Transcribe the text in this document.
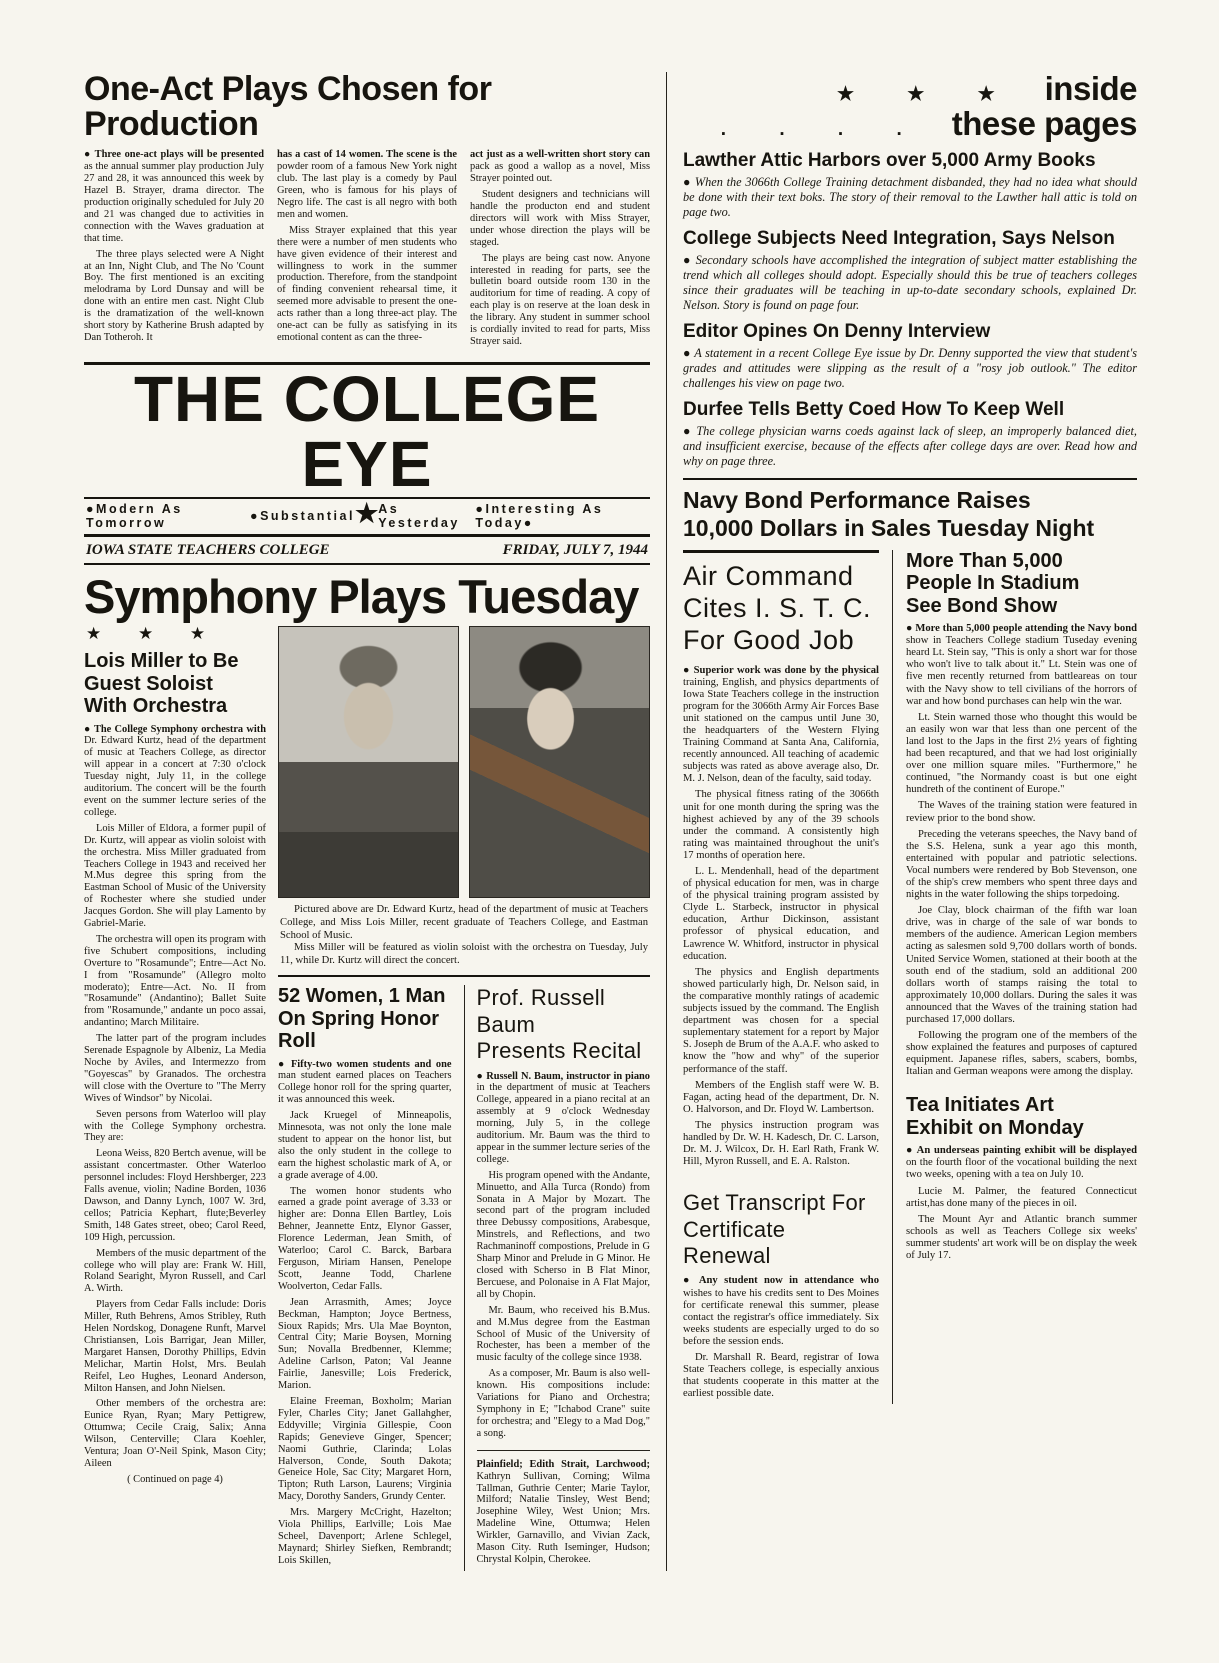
One-Act Plays Chosen for Production

● Three one-act plays will be presented as the annual summer play production July 27 and 28, it was announced this week by Hazel B. Strayer, drama director. The production originally scheduled for July 20 and 21 was changed due to activities in connection with the Waves graduation at that time.

The three plays selected were A Night at an Inn, Night Club, and The No 'Count Boy. The first mentioned is an exciting melodrama by Lord Dunsay and will be done with an entire men cast. Night Club is the dramatization of the well-known short story by Katherine Brush adapted by Dan Totheroh. It

has a cast of 14 women. The scene is the powder room of a famous New York night club. The last play is a comedy by Paul Green, who is famous for his plays of Negro life. The cast is all negro with both men and women.

Miss Strayer explained that this year there were a number of men students who have given evidence of their interest and willingness to work in the summer production. Therefore, from the standpoint of finding convenient rehearsal time, it seemed more advisable to present the one-acts rather than a long three-act play. The one-act can be fully as satisfying in its emotional content as can the three-

act just as a well-written short story can pack as good a wallop as a novel, Miss Strayer pointed out.

Student designers and technicians will handle the producton end and student directors will work with Miss Strayer, under whose direction the plays will be staged.

The plays are being cast now. Anyone interested in reading for parts, see the bulletin board outside room 130 in the auditorium for time of reading. A copy of each play is on reserve at the loan desk in the library. Any student in summer school is cordially invited to read for parts, Miss Strayer said.

THE COLLEGE EYE
●Modern As Tomorrow	●Substantial ★ As Yesterday
●Interesting As Today●
IOWA STATE TEACHERS COLLEGE	FRIDAY, JULY 7, 1944
Symphony Plays Tuesday
★ ★ ★
Lois Miller to Be
Guest Soloist
With Orchestra

● The College Symphony orchestra with Dr. Edward Kurtz, head of the department of music at Teachers College, as director will appear in a concert at 7:30 o'clock Tuesday night, July 11, in the college auditorium. The concert will be the fourth event on the summer lecture series of the college.

Lois Miller of Eldora, a former pupil of Dr. Kurtz, will appear as violin soloist with the orchestra. Miss Miller graduated from Teachers College in 1943 and received her M.Mus degree this spring from the Eastman School of Music of the University of Rochester where she studied under Jacques Gordon. She will play Lamento by Gabriel-Marie.

The orchestra will open its program with five Schubert compositions, including Overture to "Rosamunde"; Entre—Act No. I from "Rosamunde" (Allegro molto moderato); Entre—Act. No. II from "Rosamunde" (Andantino); Ballet Suite from "Rosamunde," andante un poco assai, andantino; March Militaire.

The latter part of the program includes Serenade Espagnole by Albeniz, La Media Noche by Aviles, and Intermezzo from "Goyescas" by Granados. The orchestra will close with the Overture to "The Merry Wives of Windsor" by Nicolai.

Seven persons from Waterloo will play with the College Symphony orchestra. They are:

Leona Weiss, 820 Bertch avenue, will be assistant concertmaster. Other Waterloo personnel includes: Floyd Hershberger, 223 Falls avenue, violin; Nadine Borden, 1036 Dawson, and Danny Lynch, 1007 W. 3rd, cellos; Patricia Kephart, flute;Beverley Smith, 148 Gates street, obeo; Carol Reed, 109 High, percussion.

Members of the music department of the college who will play are: Frank W. Hill, Roland Searight, Myron Russell, and Carl A. Wirth.

Players from Cedar Falls include: Doris Miller, Ruth Behrens, Amos Stribley, Ruth Helen Nordskog, Donagene Runft, Marvel Christiansen, Lois Barrigar, Jean Miller, Margaret Hansen, Dorothy Phillips, Edvin Melichar, Martin Holst, Mrs. Beulah Reifel, Leo Hughes, Leonard Anderson, Milton Hansen, and John Nielsen.

Other members of the orchestra are: Eunice Ryan, Ryan; Mary Pettigrew, Ottumwa; Cecile Craig, Salix; Anna Wilson, Centerville; Clara Koehler, Ventura; Joan O'-Neil Spink, Mason City; Aileen

( Continued on page 4)

Pictured above are Dr. Edward Kurtz, head of the department of music at Teachers College, and Miss Lois Miller, recent graduate of Teachers College, and Eastman School of Music.

Miss Miller will be featured as violin soloist with the orchestra on Tuesday, July 11, while Dr. Kurtz will direct the concert.

52 Women, 1 Man
On Spring Honor Roll

● Fifty-two women students and one man student earned places on Teachers College honor roll for the spring quarter, it was announced this week.

Jack Kruegel of Minneapolis, Minnesota, was not only the lone male student to appear on the honor list, but also the only student in the college to earn the highest scholastic mark of A, or a grade average of 4.00.

The women honor students who earned a grade point average of 3.33 or higher are: Donna Ellen Bartley, Lois Behner, Jeannette Entz, Elynor Gasser, Florence Lederman, Jean Smith, of Waterloo; Carol C. Barck, Barbara Ferguson, Miriam Hansen, Penelope Scott, Jeanne Todd, Charlene Woolverton, Cedar Falls.

Jean Arrasmith, Ames; Joyce Beckman, Hampton; Joyce Bertness, Sioux Rapids; Mrs. Ula Mae Boynton, Central City; Marie Boysen, Morning Sun; Novalla Bredbenner, Klemme; Adeline Carlson, Paton; Val Jeanne Fairlie, Janesville; Lois Frederick, Marion.

Elaine Freeman, Boxholm; Marian Fyler, Charles City; Janet Gallahgher, Eddyville; Virginia Gillespie, Coon Rapids; Genevieve Ginger, Spencer; Naomi Guthrie, Clarinda; Lolas Halverson, Conde, South Dakota; Geneice Hole, Sac City; Margaret Horn, Tipton; Ruth Larson, Laurens; Virginia Macy, Dorothy Sanders, Grundy Center.

Mrs. Margery McCright, Hazelton; Viola Phillips, Earlville; Lois Mae Scheel, Davenport; Arlene Schlegel, Maynard; Shirley Siefken, Rembrandt; Lois Skillen,

Prof. Russell Baum
Presents Recital

● Russell N. Baum, instructor in piano in the department of music at Teachers College, appeared in a piano recital at an assembly at 9 o'clock Wednesday morning, July 5, in the college auditorium. Mr. Baum was the third to appear in the summer lecture series of the college.

His program opened with the Andante, Minuetto, and Alla Turca (Rondo) from Sonata in A Major by Mozart. The second part of the program included three Debussy compositions, Arabesque, Minstrels, and Reflections, and two Rachmaninoff compostions, Prelude in G Sharp Minor and Prelude in G Minor. He closed with Scherso in B Flat Minor, Bercuese, and Polonaise in A Flat Major, all by Chopin.

Mr. Baum, who received his B.Mus. and M.Mus degree from the Eastman School of Music of the University of Rochester, has been a member of the music faculty of the college since 1938.

As a composer, Mr. Baum is also well-known. His compositions include: Variations for Piano and Orchestra; Symphony in E; "Ichabod Crane" suite for orchestra; and "Elegy to a Mad Dog," a song.

Plainfield; Edith Strait, Larchwood; Kathryn Sullivan, Corning; Wilma Tallman, Guthrie Center; Marie Taylor, Milford; Natalie Tinsley, West Bend; Josephine Wiley, West Union; Mrs. Madeline Wine, Ottumwa; Helen Wirkler, Garnavillo, and Vivian Zack, Mason City. Ruth Iseminger, Hudson; Chrystal Kolpin, Cherokee.

★ ★ ★ inside
. . . . these pages
Lawther Attic Harbors over 5,000 Army Books

● When the 3066th College Training detachment disbanded, they had no idea what should be done with their text boks. The story of their removal to the Lawther hall attic is told on page two.

College Subjects Need Integration, Says Nelson

● Secondary schools have accomplished the integration of subject matter establishing the trend which all colleges should adopt. Especially should this be true of teachers colleges since their graduates will be teaching in up-to-date secondary schools, explained Dr. Nelson. Story is found on page four.

Editor Opines On Denny Interview

● A statement in a recent College Eye issue by Dr. Denny supported the view that student's grades and attitudes were slipping as the result of a "rosy job outlook." The editor challenges his view on page two.

Durfee Tells Betty Coed How To Keep Well

● The college physician warns coeds against lack of sleep, an improperly balanced diet, and insufficient exercise, because of the effects after college days are over. Read how and why on page three.

Navy Bond Performance Raises
10,000 Dollars in Sales Tuesday Night
Air Command
Cites I. S. T. C.
For Good Job

● Superior work was done by the physical training, English, and physics departments of Iowa State Teachers college in the instruction program for the 3066th Army Air Forces Base unit stationed on the campus until June 30, the headquarters of the Western Flying Training Command at Santa Ana, California, recently announced. All teaching of academic subjects was rated as above average also, Dr. M. J. Nelson, dean of the faculty, said today.

The physical fitness rating of the 3066th unit for one month during the spring was the highest achieved by any of the 39 schools under the command. A consistently high rating was maintained throughout the unit's 17 months of operation here.

L. L. Mendenhall, head of the department of physical education for men, was in charge of the physical training program assisted by Clyde L. Starbeck, instructor in physical education, Arthur Dickinson, assistant professor of physical education, and Lawrence W. Whitford, instructor in physical education.

The physics and English departments showed particularly high, Dr. Nelson said, in the comparative monthly ratings of academic subjects issued by the command. The English department was chosen for a special suplementary statement for a report by Major S. Joseph de Brum of the A.A.F. who asked to know the "how and why" of the superior performance of the staff.

Members of the English staff were W. B. Fagan, acting head of the department, Dr. N. O. Halvorson, and Dr. Floyd W. Lambertson.

The physics instruction program was handled by Dr. W. H. Kadesch, Dr. C. Larson, Dr. M. J. Wilcox, Dr. H. Earl Rath, Frank W. Hill, Myron Russell, and E. A. Ralston.

Get Transcript For
Certificate Renewal

● Any student now in attendance who wishes to have his credits sent to Des Moines for certificate renewal this summer, please contact the registrar's office immediately. Six weeks students are especially urged to do so before the session ends.

Dr. Marshall R. Beard, registrar of Iowa State Teachers college, is especially anxious that students cooperate in this matter at the earliest possible date.

More Than 5,000
People In Stadium
See Bond Show

● More than 5,000 people attending the Navy bond show in Teachers College stadium Tuseday evening heard Lt. Stein say, "This is only a short war for those who won't live to talk about it." Lt. Stein was one of five men recently returned from battleareas on tour with the Navy show to tell civilians of the horrors of war and how bond purchases can help win the war.

Lt. Stein warned those who thought this would be an easily won war that less than one percent of the land lost to the Japs in the first 2½ years of fighting had been recaptured, and that we had lost originially over one million square miles. "Furthermore," he continued, "the Normandy coast is but one eight hundreth of the continent of Europe."

The Waves of the training station were featured in review prior to the bond show.

Preceding the veterans speeches, the Navy band of the S.S. Helena, sunk a year ago this month, entertained with popular and patriotic selections. Vocal numbers were rendered by Bob Stevenson, one of the ship's crew members who spent three days and nights in the water following the ships torpedoing.

Joe Clay, block chairman of the fifth war loan drive, was in charge of the sale of war bonds to members of the audience. American Legion members acting as salesmen sold 9,700 dollars worth of bonds. United Service Women, stationed at their booth at the south end of the stadium, sold an additional 200 dollars worth of stamps raising the total to approximately 10,000 dollars. During the sales it was announced that the Waves of the training station had purchased 17,000 dollars.

Following the program one of the members of the show explained the features and purposes of captured equipment. Japanese rifles, sabers, scabers, bombs, Italian and German weapons were among the display.

Tea Initiates Art
Exhibit on Monday

● An underseas painting exhibit will be displayed on the fourth floor of the vocational building the next two weeks, opening with a tea on July 10.

Lucie M. Palmer, the featured Connecticut artist,has done many of the pieces in oil.

The Mount Ayr and Atlantic branch summer schools as well as Teachers College six weeks' summer students' art work will be on display the week of July 17.
